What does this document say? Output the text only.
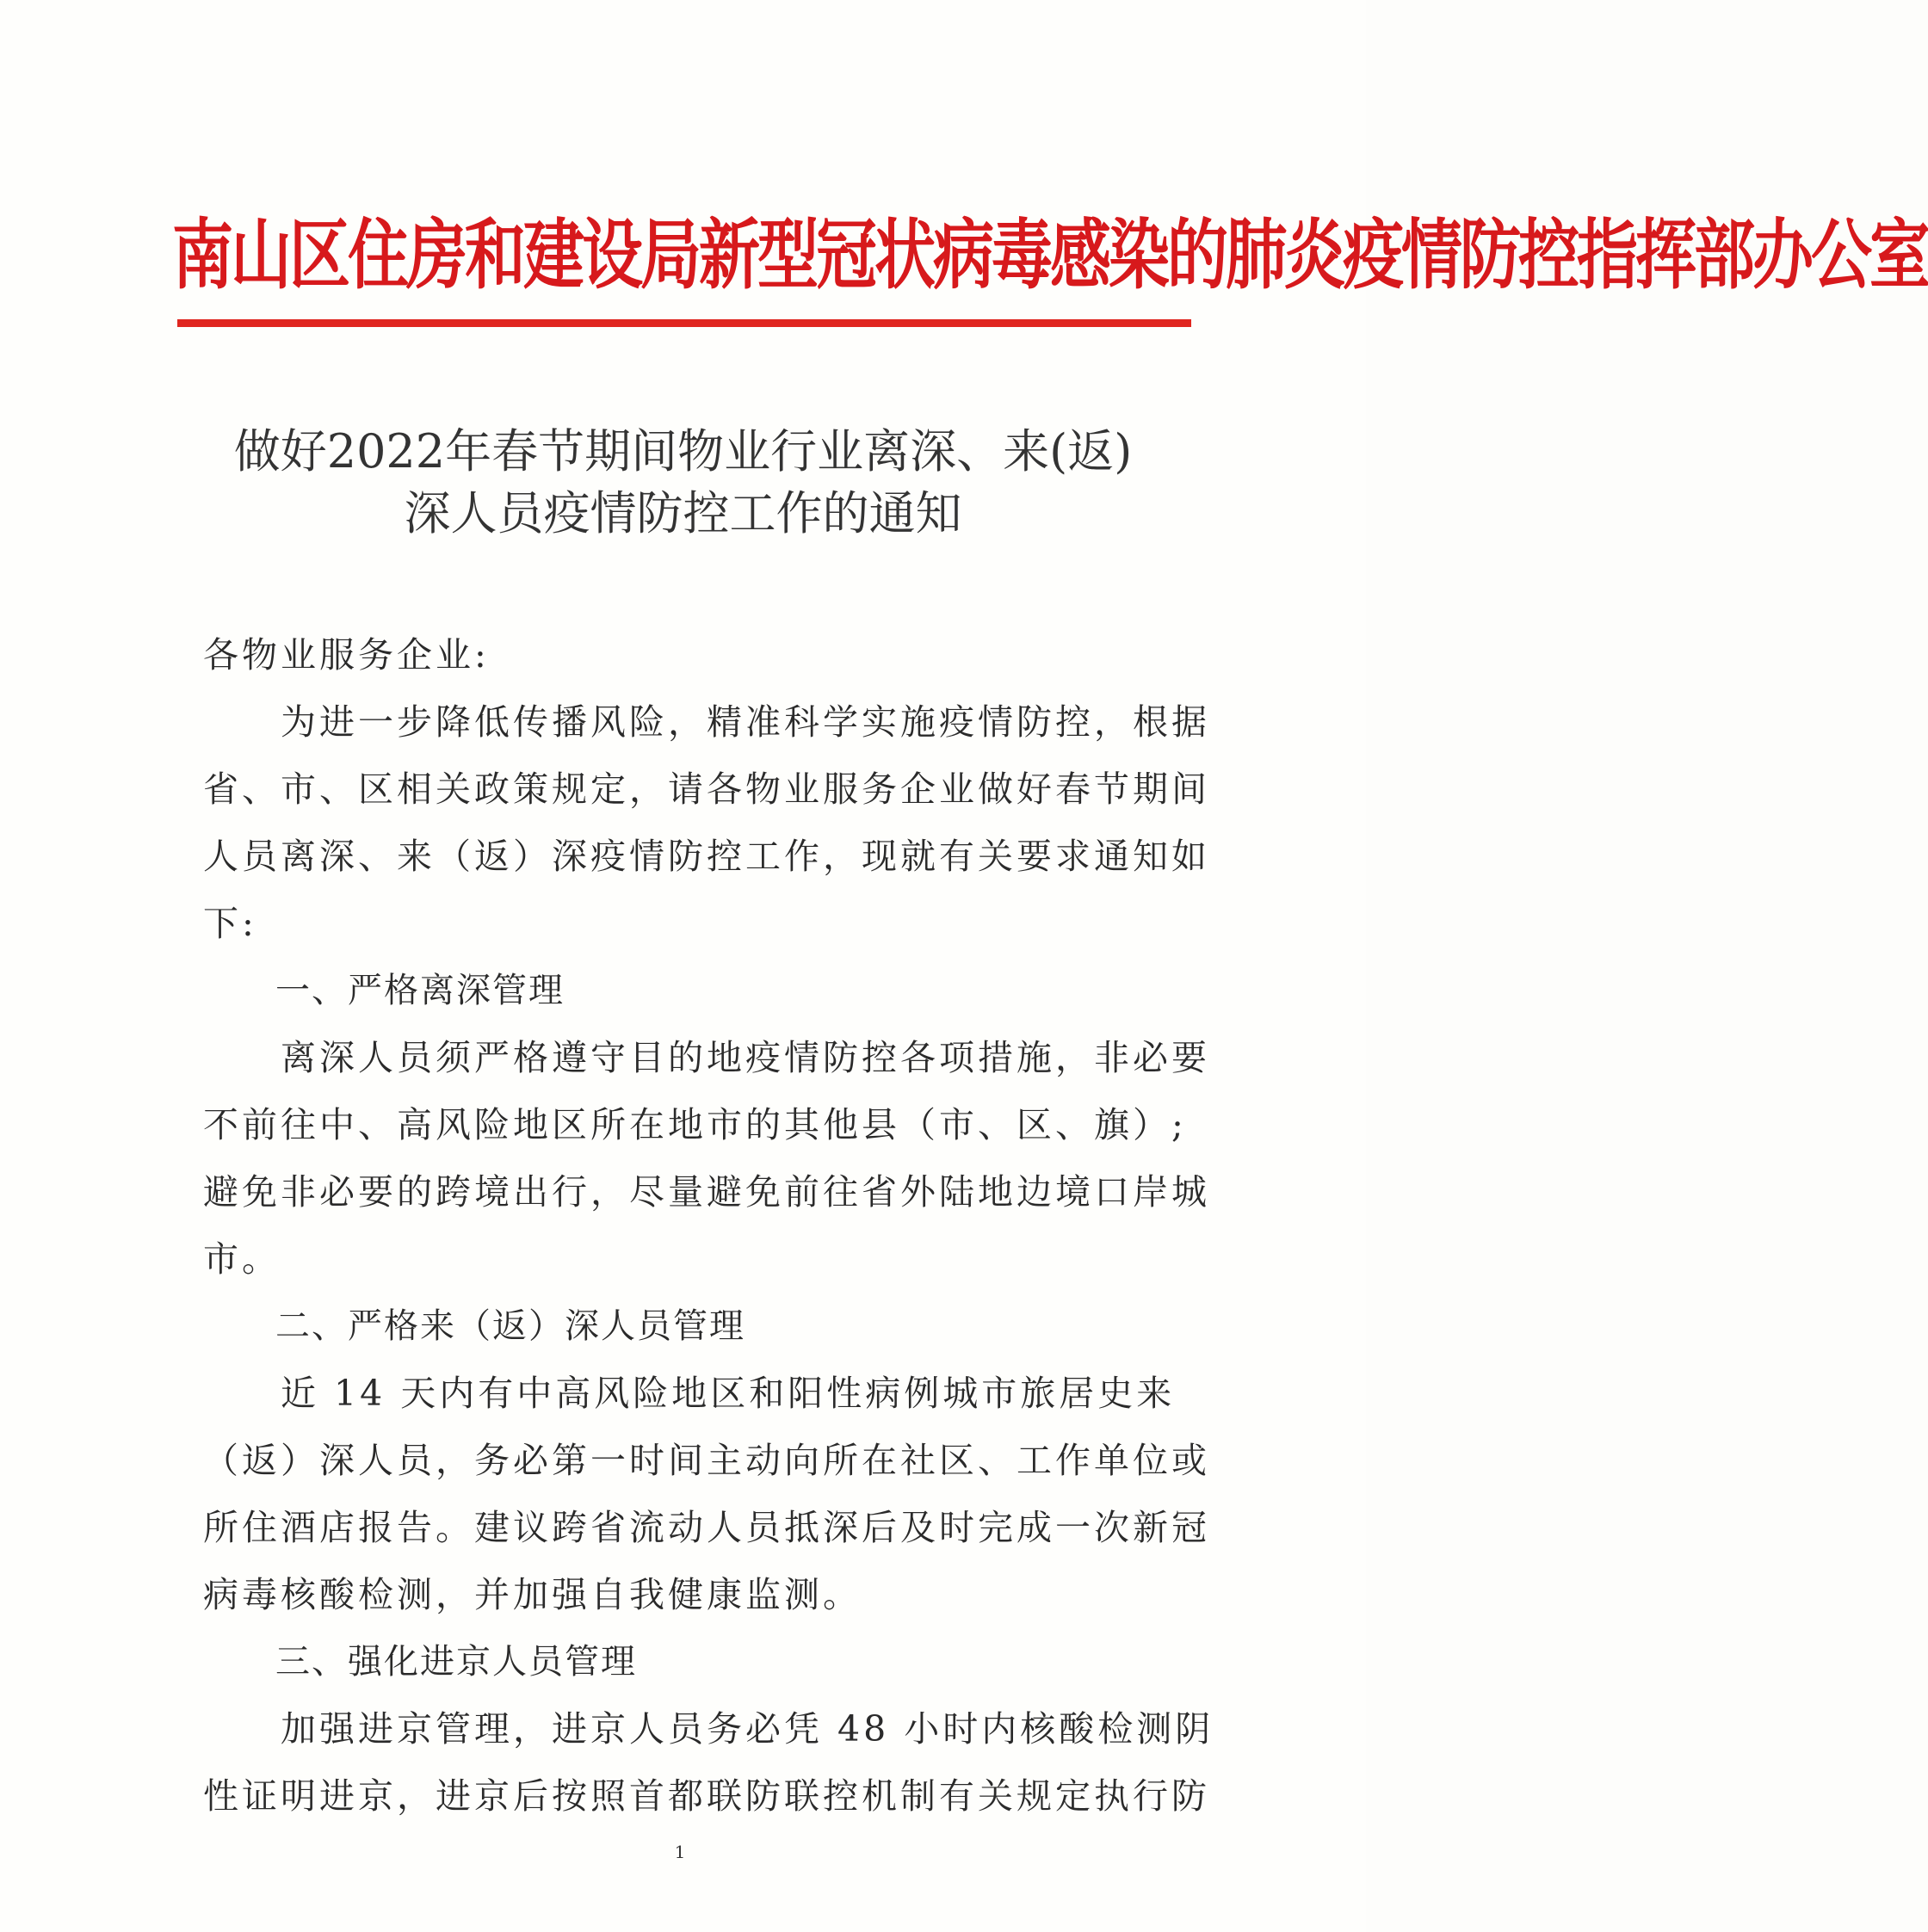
南山区住房和建设局新型冠状病毒感染的肺炎疫情防控指挥部办公室
做好2022年春节期间物业行业离深、来(返)
深人员疫情防控工作的通知
各物业服务企业:
　　为进一步降低传播风险，精准科学实施疫情防控，根据
省、市、区相关政策规定，请各物业服务企业做好春节期间
人员离深、来（返）深疫情防控工作，现就有关要求通知如
下:
　　一、严格离深管理
　　离深人员须严格遵守目的地疫情防控各项措施，非必要
不前往中、高风险地区所在地市的其他县（市、区、旗）;
避免非必要的跨境出行，尽量避免前往省外陆地边境口岸城
市。
　　二、严格来（返）深人员管理
　　近 14 天内有中高风险地区和阳性病例城市旅居史来
（返）深人员，务必第一时间主动向所在社区、工作单位或
所住酒店报告。建议跨省流动人员抵深后及时完成一次新冠
病毒核酸检测，并加强自我健康监测。
　　三、强化进京人员管理
　　加强进京管理，进京人员务必凭 48 小时内核酸检测阴
性证明进京，进京后按照首都联防联控机制有关规定执行防
1
